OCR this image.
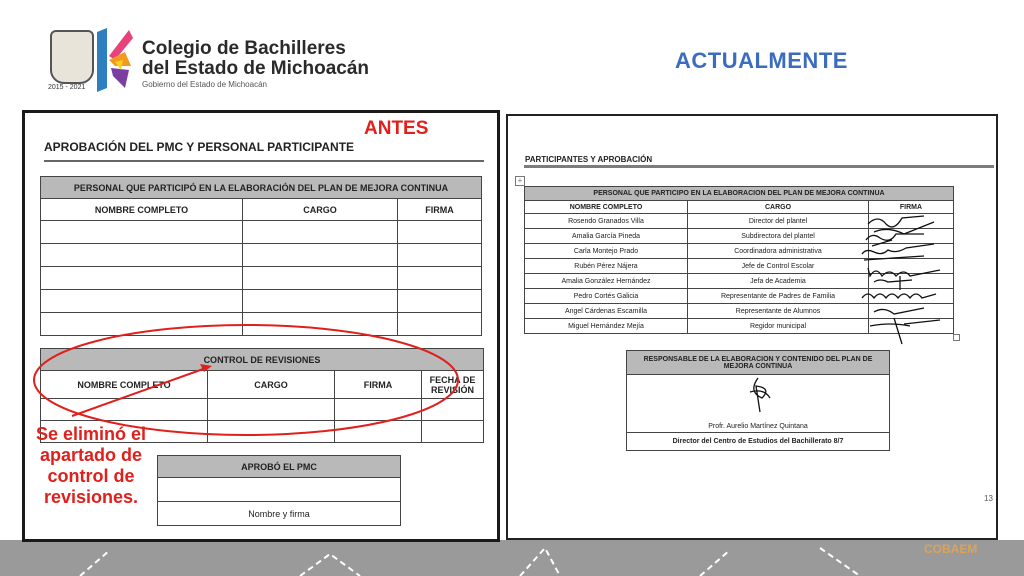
2015 - 2021
Colegio de Bachilleres
del Estado de Michoacán
Gobierno del Estado de Michoacán
ACTUALMENTE
ANTES
APROBACIÓN DEL PMC Y PERSONAL PARTICIPANTE
PERSONAL QUE PARTICIPÓ EN LA ELABORACIÓN DEL PLAN DE MEJORA CONTINUA		
NOMBRE COMPLETO	CARGO	FIRMA

CONTROL DE REVISIONES			
NOMBRE COMPLETO	CARGO	FIRMA	FECHA DE REVISIÓN

APROBÓ EL PMC

Nombre y firma
PARTICIPANTES Y APROBACIÓN
+
PERSONAL QUE PARTICIPO EN LA ELABORACION DEL PLAN DE MEJORA CONTINUA		
NOMBRE COMPLETO	CARGO	FIRMA
Rosendo Granados Villa	Director del plantel	
Amalia García Pineda	Subdirectora del plantel	
Carla Montejo Prado	Coordinadora administrativa	
Rubén Pérez Nájera	Jefe de Control Escolar	
Amalia González Hernández	Jefa de Academia	
Pedro Cortés Galicia	Representante de Padres de Familia	
Angel Cárdenas Escamilla	Representante de Alumnos	
Miguel Hernández Mejía	Regidor municipal	
RESPONSABLE DE LA ELABORACION Y CONTENIDO DEL PLAN DE MEJORA CONTINUA
Profr. Aurelio Martínez Quintana
Director del Centro de Estudios del Bachillerato 8/7
13
COBAEM
Se eliminó el
apartado de
control de
revisiones.
